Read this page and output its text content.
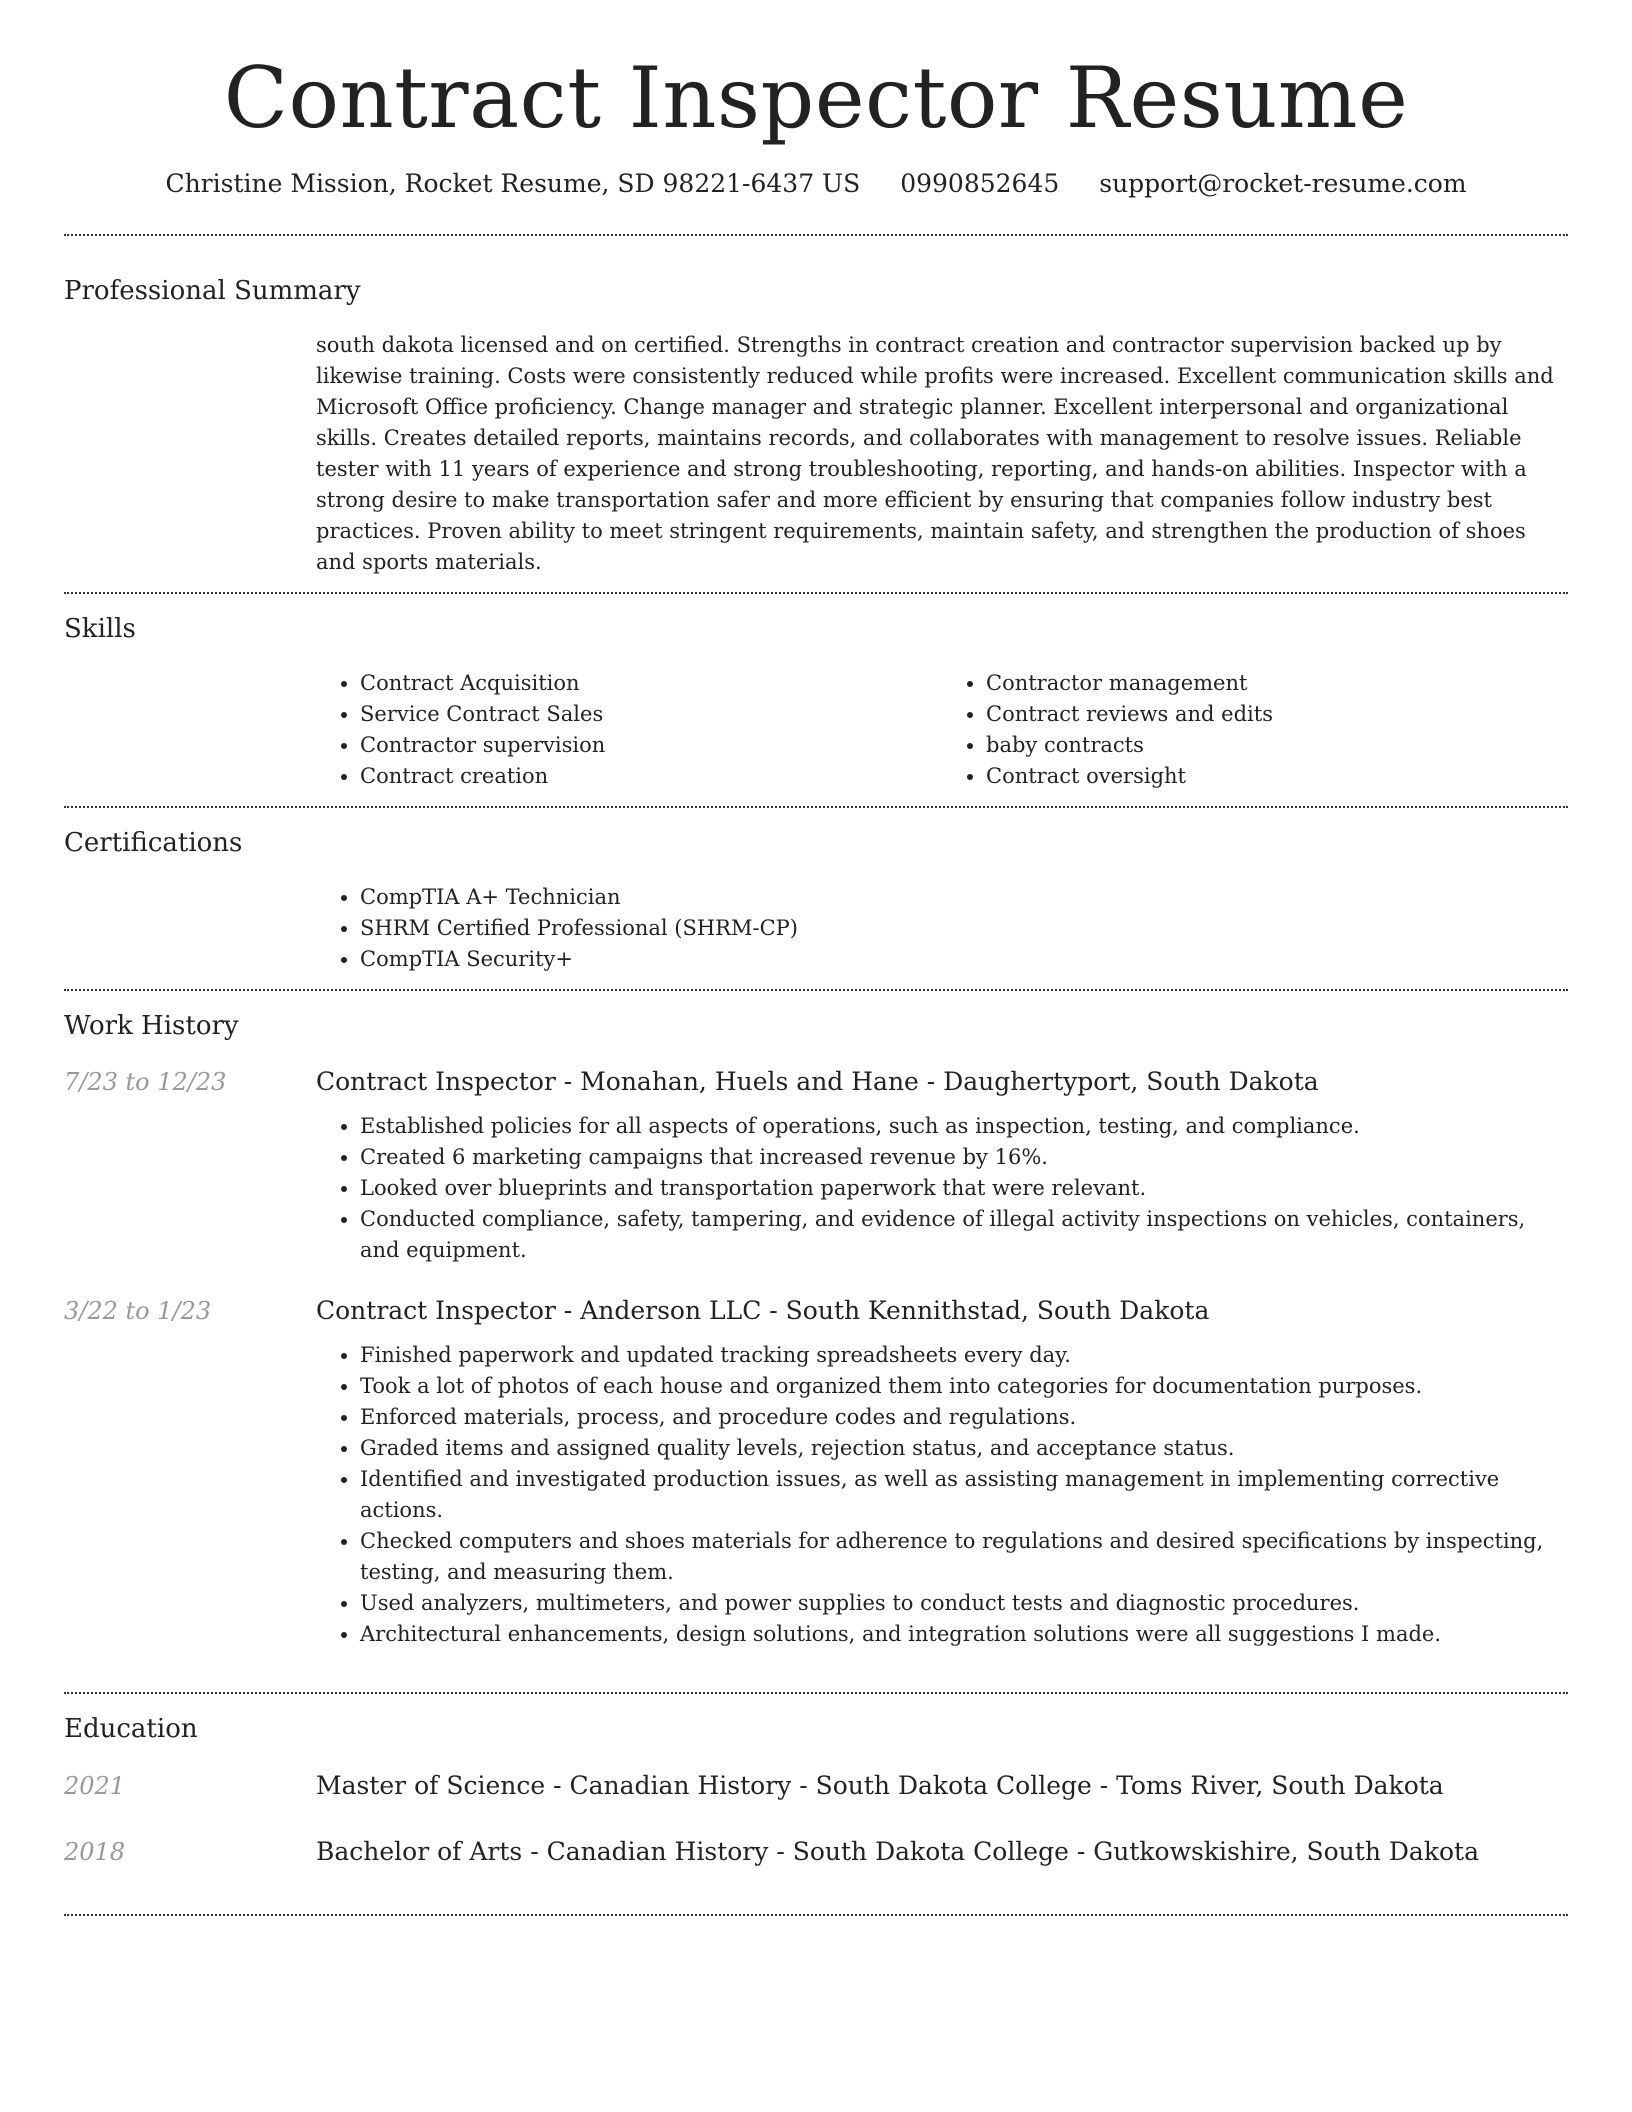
Contract Inspector Resume
Christine Mission, Rocket Resume, SD 98221-6437 US 0990852645 support@rocket-resume.com
Professional Summary

south dakota licensed and on certified. Strengths in contract creation and contractor supervision backed up by likewise training. Costs were consistently reduced while profits were increased. Excellent communication skills and Microsoft Office proficiency. Change manager and strategic planner. Excellent interpersonal and organizational skills. Creates detailed reports, maintains records, and collaborates with management to resolve issues. Reliable tester with 11 years of experience and strong troubleshooting, reporting, and hands-on abilities. Inspector with a strong desire to make transportation safer and more efficient by ensuring that companies follow industry best practices. Proven ability to meet stringent requirements, maintain safety, and strengthen the production of shoes and sports materials.

Skills
• Contract Acquisition
• Service Contract Sales
• Contractor supervision
• Contract creation
• Contractor management
• Contract reviews and edits
• baby contracts
• Contract oversight
Certifications
• CompTIA A+ Technician
• SHRM Certified Professional (SHRM-CP)
• CompTIA Security+
Work History
7/23 to 12/23	Contract Inspector - Monahan, Huels and Hane - Daughertyport, South Dakota
• Established policies for all aspects of operations, such as inspection, testing, and compliance.
• Created 6 marketing campaigns that increased revenue by 16%.
• Looked over blueprints and transportation paperwork that were relevant.
• Conducted compliance, safety, tampering, and evidence of illegal activity inspections on vehicles, containers, and equipment.
3/22 to 1/23	Contract Inspector - Anderson LLC - South Kennithstad, South Dakota
• Finished paperwork and updated tracking spreadsheets every day.
• Took a lot of photos of each house and organized them into categories for documentation purposes.
• Enforced materials, process, and procedure codes and regulations.
• Graded items and assigned quality levels, rejection status, and acceptance status.
• Identified and investigated production issues, as well as assisting management in implementing corrective actions.
• Checked computers and shoes materials for adherence to regulations and desired specifications by inspecting, testing, and measuring them.
• Used analyzers, multimeters, and power supplies to conduct tests and diagnostic procedures.
• Architectural enhancements, design solutions, and integration solutions were all suggestions I made.
Education
2021	Master of Science - Canadian History - South Dakota College - Toms River, South Dakota
2018	Bachelor of Arts - Canadian History - South Dakota College - Gutkowskishire, South Dakota
